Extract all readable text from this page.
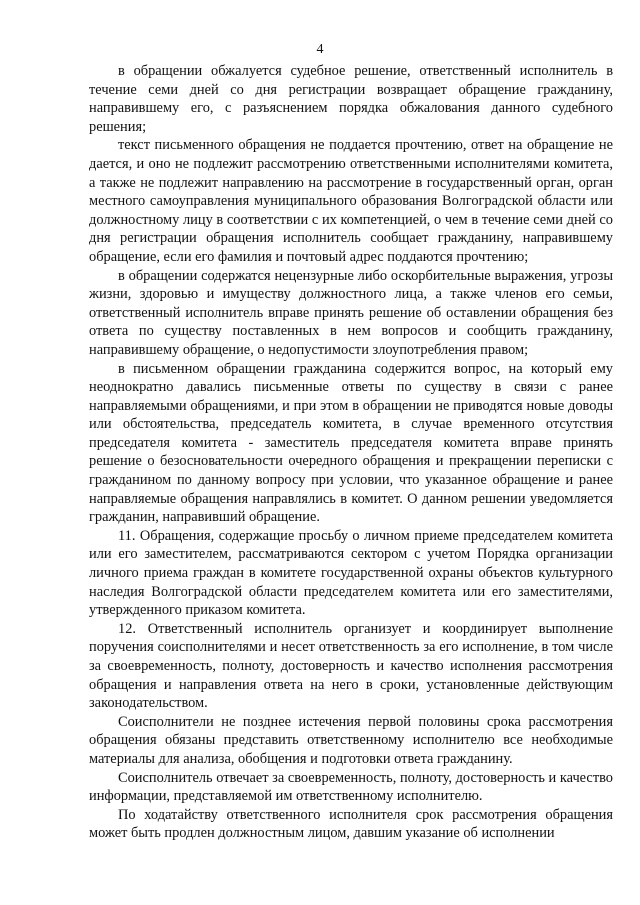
4

в обращении обжалуется судебное решение, ответственный исполнитель в течение семи дней со дня регистрации возвращает обращение гражданину, направившему его, с разъяснением порядка обжалования данного судебного решения;

текст письменного обращения не поддается прочтению, ответ на обращение не дается, и оно не подлежит рассмотрению ответственными исполнителями комитета, а также не подлежит направлению на рассмотрение в государственный орган, орган местного самоуправления муниципального образования Волгоградской области или должностному лицу в соответствии с их компетенцией, о чем в течение семи дней со дня регистрации обращения исполнитель сообщает гражданину, направившему обращение, если его фамилия и почтовый адрес поддаются прочтению;

в обращении содержатся нецензурные либо оскорбительные выражения, угрозы жизни, здоровью и имуществу должностного лица, а также членов его семьи, ответственный исполнитель вправе принять решение об оставлении обращения без ответа по существу поставленных в нем вопросов и сообщить гражданину, направившему обращение, о недопустимости злоупотребления правом;

в письменном обращении гражданина содержится вопрос, на который ему неоднократно давались письменные ответы по существу в связи с ранее направляемыми обращениями, и при этом в обращении не приводятся новые доводы или обстоятельства, председатель комитета, в случае временного отсутствия председателя комитета - заместитель председателя комитета вправе принять решение о безосновательности очередного обращения и прекращении переписки с гражданином по данному вопросу при условии, что указанное обращение и ранее направляемые обращения направлялись в комитет. О данном решении уведомляется гражданин, направивший обращение.

11. Обращения, содержащие просьбу о личном приеме председателем комитета или его заместителем, рассматриваются сектором с учетом Порядка организации личного приема граждан в комитете государственной охраны объектов культурного наследия Волгоградской области председателем комитета или его заместителями, утвержденного приказом комитета.

12. Ответственный исполнитель организует и координирует выполнение поручения соисполнителями и несет ответственность за его исполнение, в том числе за своевременность, полноту, достоверность и качество исполнения рассмотрения обращения и направления ответа на него в сроки, установленные действующим законодательством.

Соисполнители не позднее истечения первой половины срока рассмотрения обращения обязаны представить ответственному исполнителю все необходимые материалы для анализа, обобщения и подготовки ответа гражданину.

Соисполнитель отвечает за своевременность, полноту, достоверность и качество информации, представляемой им ответственному исполнителю.

По ходатайству ответственного исполнителя срок рассмотрения обращения может быть продлен должностным лицом, давшим указание об исполнении
